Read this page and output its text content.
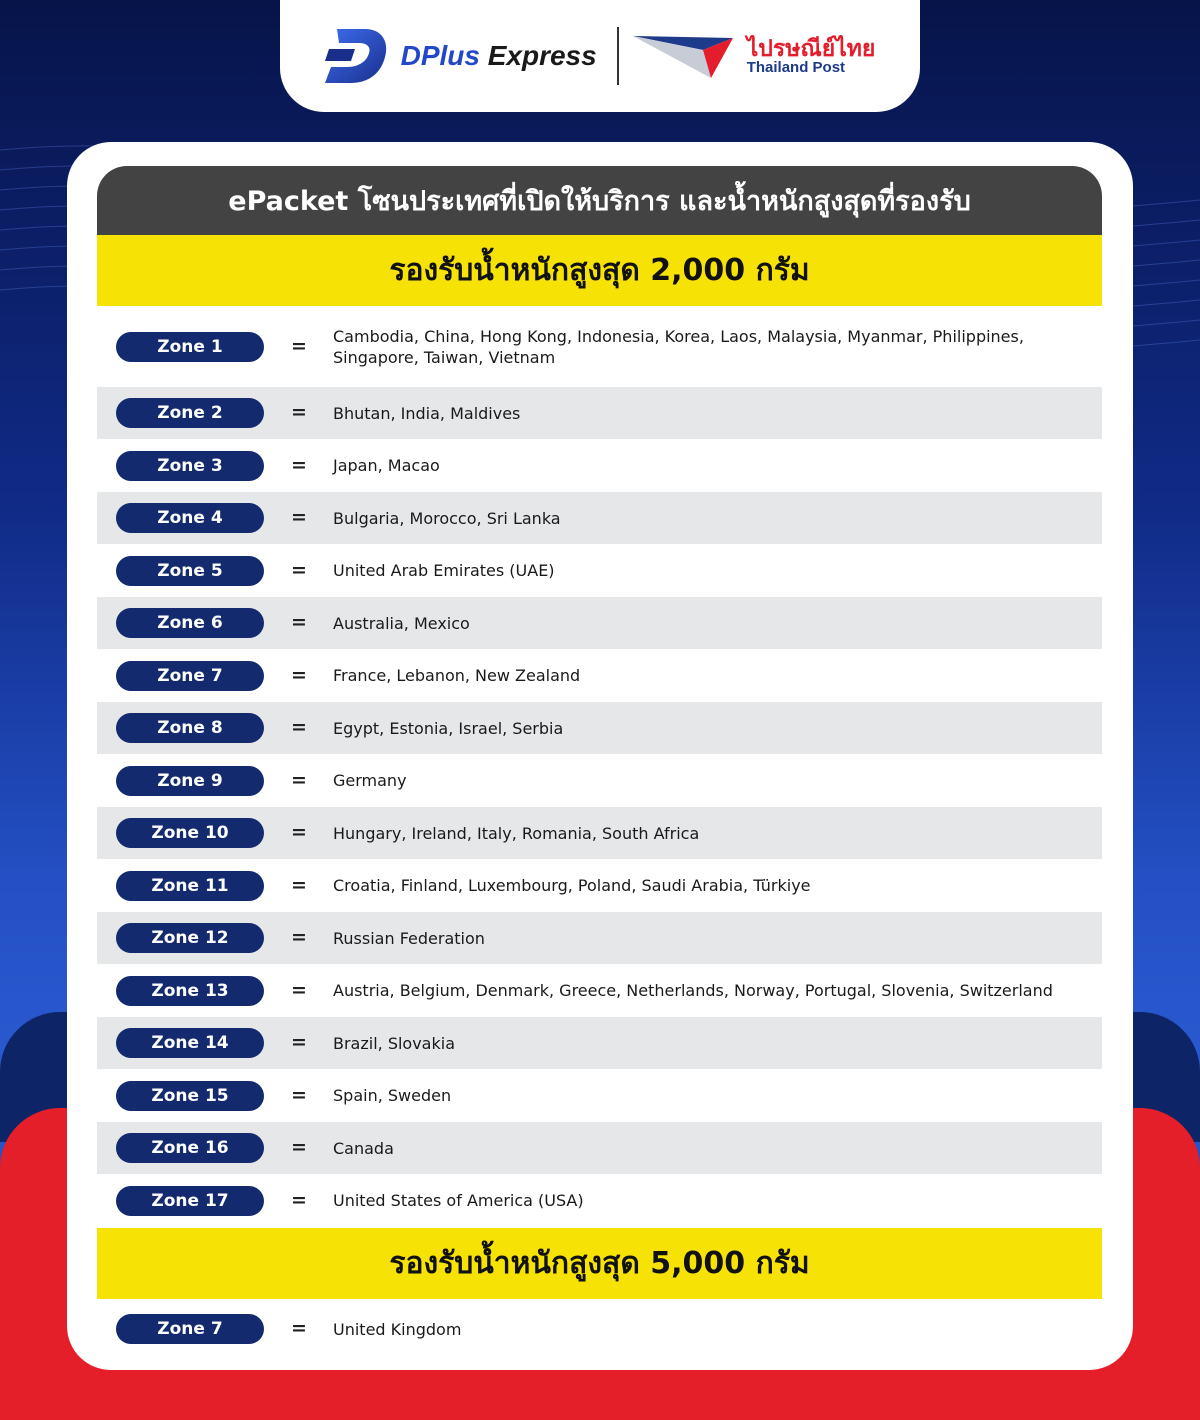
DPlus Express	ไปรษณีย์ไทย
Thailand Post
ePacket โซนประเทศที่เปิดให้บริการ และน้ำหนักสูงสุดที่รองรับ
รองรับน้ำหนักสูงสุด 2,000 กรัม
Zone 1	= Cambodia, China, Hong Kong, Indonesia, Korea, Laos, Malaysia, Myanmar, Philippines, Singapore, Taiwan, Vietnam
Zone 2	= Bhutan, India, Maldives
Zone 3	= Japan, Macao
Zone 4	= Bulgaria, Morocco, Sri Lanka
Zone 5	= United Arab Emirates (UAE)
Zone 6	= Australia, Mexico
Zone 7	= France, Lebanon, New Zealand
Zone 8	= Egypt, Estonia, Israel, Serbia
Zone 9	= Germany
Zone 10	= Hungary, Ireland, Italy, Romania, South Africa
Zone 11	= Croatia, Finland, Luxembourg, Poland, Saudi Arabia, Türkiye
Zone 12	= Russian Federation
Zone 13	= Austria, Belgium, Denmark, Greece, Netherlands, Norway, Portugal, Slovenia, Switzerland
Zone 14	= Brazil, Slovakia
Zone 15	= Spain, Sweden
Zone 16	= Canada
Zone 17	= United States of America (USA)
รองรับน้ำหนักสูงสุด 5,000 กรัม
Zone 7	= United Kingdom
